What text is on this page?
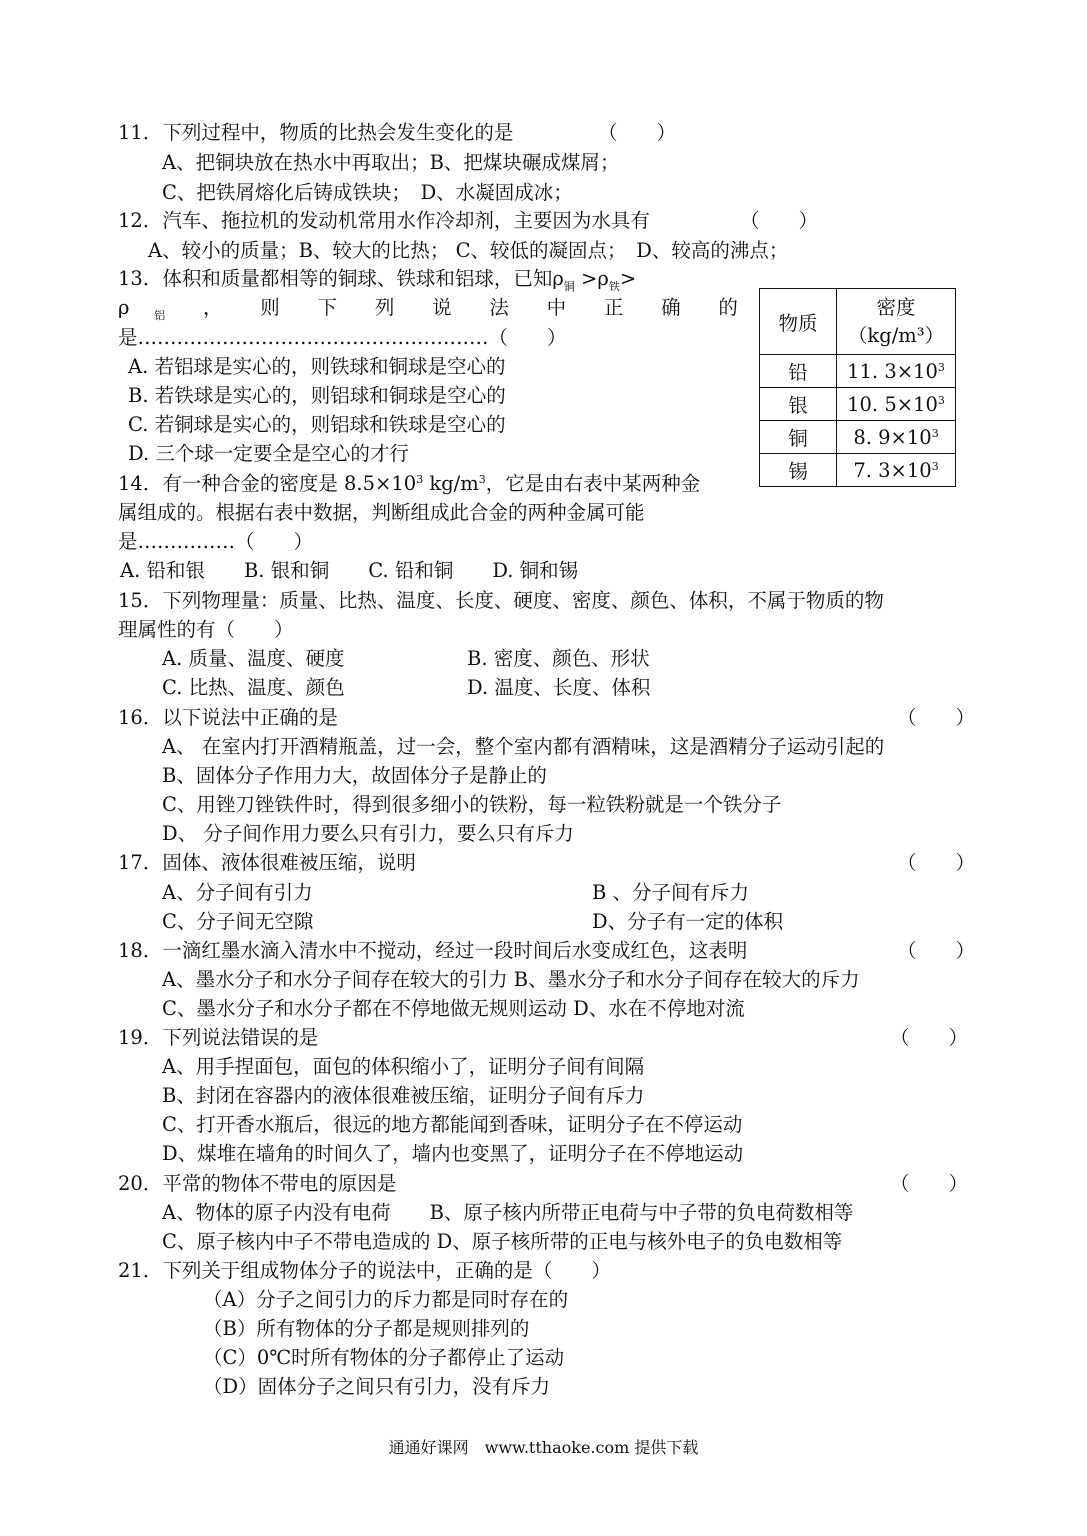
11．下列过程中，物质的比热会发生变化的是	（　　）
A、把铜块放在热水中再取出；B、把煤块碾成煤屑；
C、把铁屑熔化后铸成铁块；　D、水凝固成冰；
12．汽车、拖拉机的发动机常用水作冷却剂，主要因为水具有	（　　）
A、较小的质量；B、较大的比热； C、较低的凝固点；　D、较高的沸点；
13．体积和质量都相等的铜球、铁球和铝球，已知$\rho_铜 >\rho_铁>$
ρ $_铝$ ， 则 下 列 说 法 中 正 确 的
是………………………………………………（　　）
A. 若铝球是实心的，则铁球和铜球是空心的
B. 若铁球是实心的，则铝球和铜球是空心的
C. 若铜球是实心的，则铝球和铁球是空心的
D. 三个球一定要全是空心的才行
物质	密度
（kg/m³）

铅	11. $3\times 10^3$
银	10. $5\times 10^3$
铜	8. $9\times 10^3$
锡	7. $3\times 10^3$
14．有一种合金的密度是 $8.5\times 10^3$ $kg/m^3$，它是由右表中某两种金
属组成的。根据右表中数据，判断组成此合金的两种金属可能
是……………（　　）
A. 铅和银　　B. 银和铜　　C. 铅和铜　　D. 铜和锡
15．下列物理量：质量、比热、温度、长度、硬度、密度、颜色、体积，不属于物质的物
理属性的有（　　）
A. 质量、温度、硬度	B. 密度、颜色、形状
C. 比热、温度、颜色	D. 温度、长度、体积
16．以下说法中正确的是	（　　）
A、 在室内打开酒精瓶盖，过一会，整个室内都有酒精味，这是酒精分子运动引起的
B、固体分子作用力大，故固体分子是静止的
C、用锉刀锉铁件时，得到很多细小的铁粉，每一粒铁粉就是一个铁分子
D、 分子间作用力要么只有引力，要么只有斥力
17．固体、液体很难被压缩，说明	（　　）
A、分子间有引力	B 、分子间有斥力
C、分子间无空隙	D、分子有一定的体积
18．一滴红墨水滴入清水中不搅动，经过一段时间后水变成红色，这表明	（　　）
A、墨水分子和水分子间存在较大的引力 B、墨水分子和水分子间存在较大的斥力
C、墨水分子和水分子都在不停地做无规则运动 D、水在不停地对流
19．下列说法错误的是	（　　）
A、用手捏面包，面包的体积缩小了，证明分子间有间隔
B、封闭在容器内的液体很难被压缩，证明分子间有斥力
C、打开香水瓶后，很远的地方都能闻到香味，证明分子在不停运动
D、煤堆在墙角的时间久了，墙内也变黑了，证明分子在不停地运动
20．平常的物体不带电的原因是	（　　）
A、物体的原子内没有电荷　　B、原子核内所带正电荷与中子带的负电荷数相等
C、原子核内中子不带电造成的 D、原子核所带的正电与核外电子的负电数相等
21．下列关于组成物体分子的说法中，正确的是（　　）
（A）分子之间引力的斥力都是同时存在的
（B）所有物体的分子都是规则排列的
（C）0℃时所有物体的分子都停止了运动
（D）固体分子之间只有引力，没有斥力
通通好课网　www.tthaoke.com 提供下载
